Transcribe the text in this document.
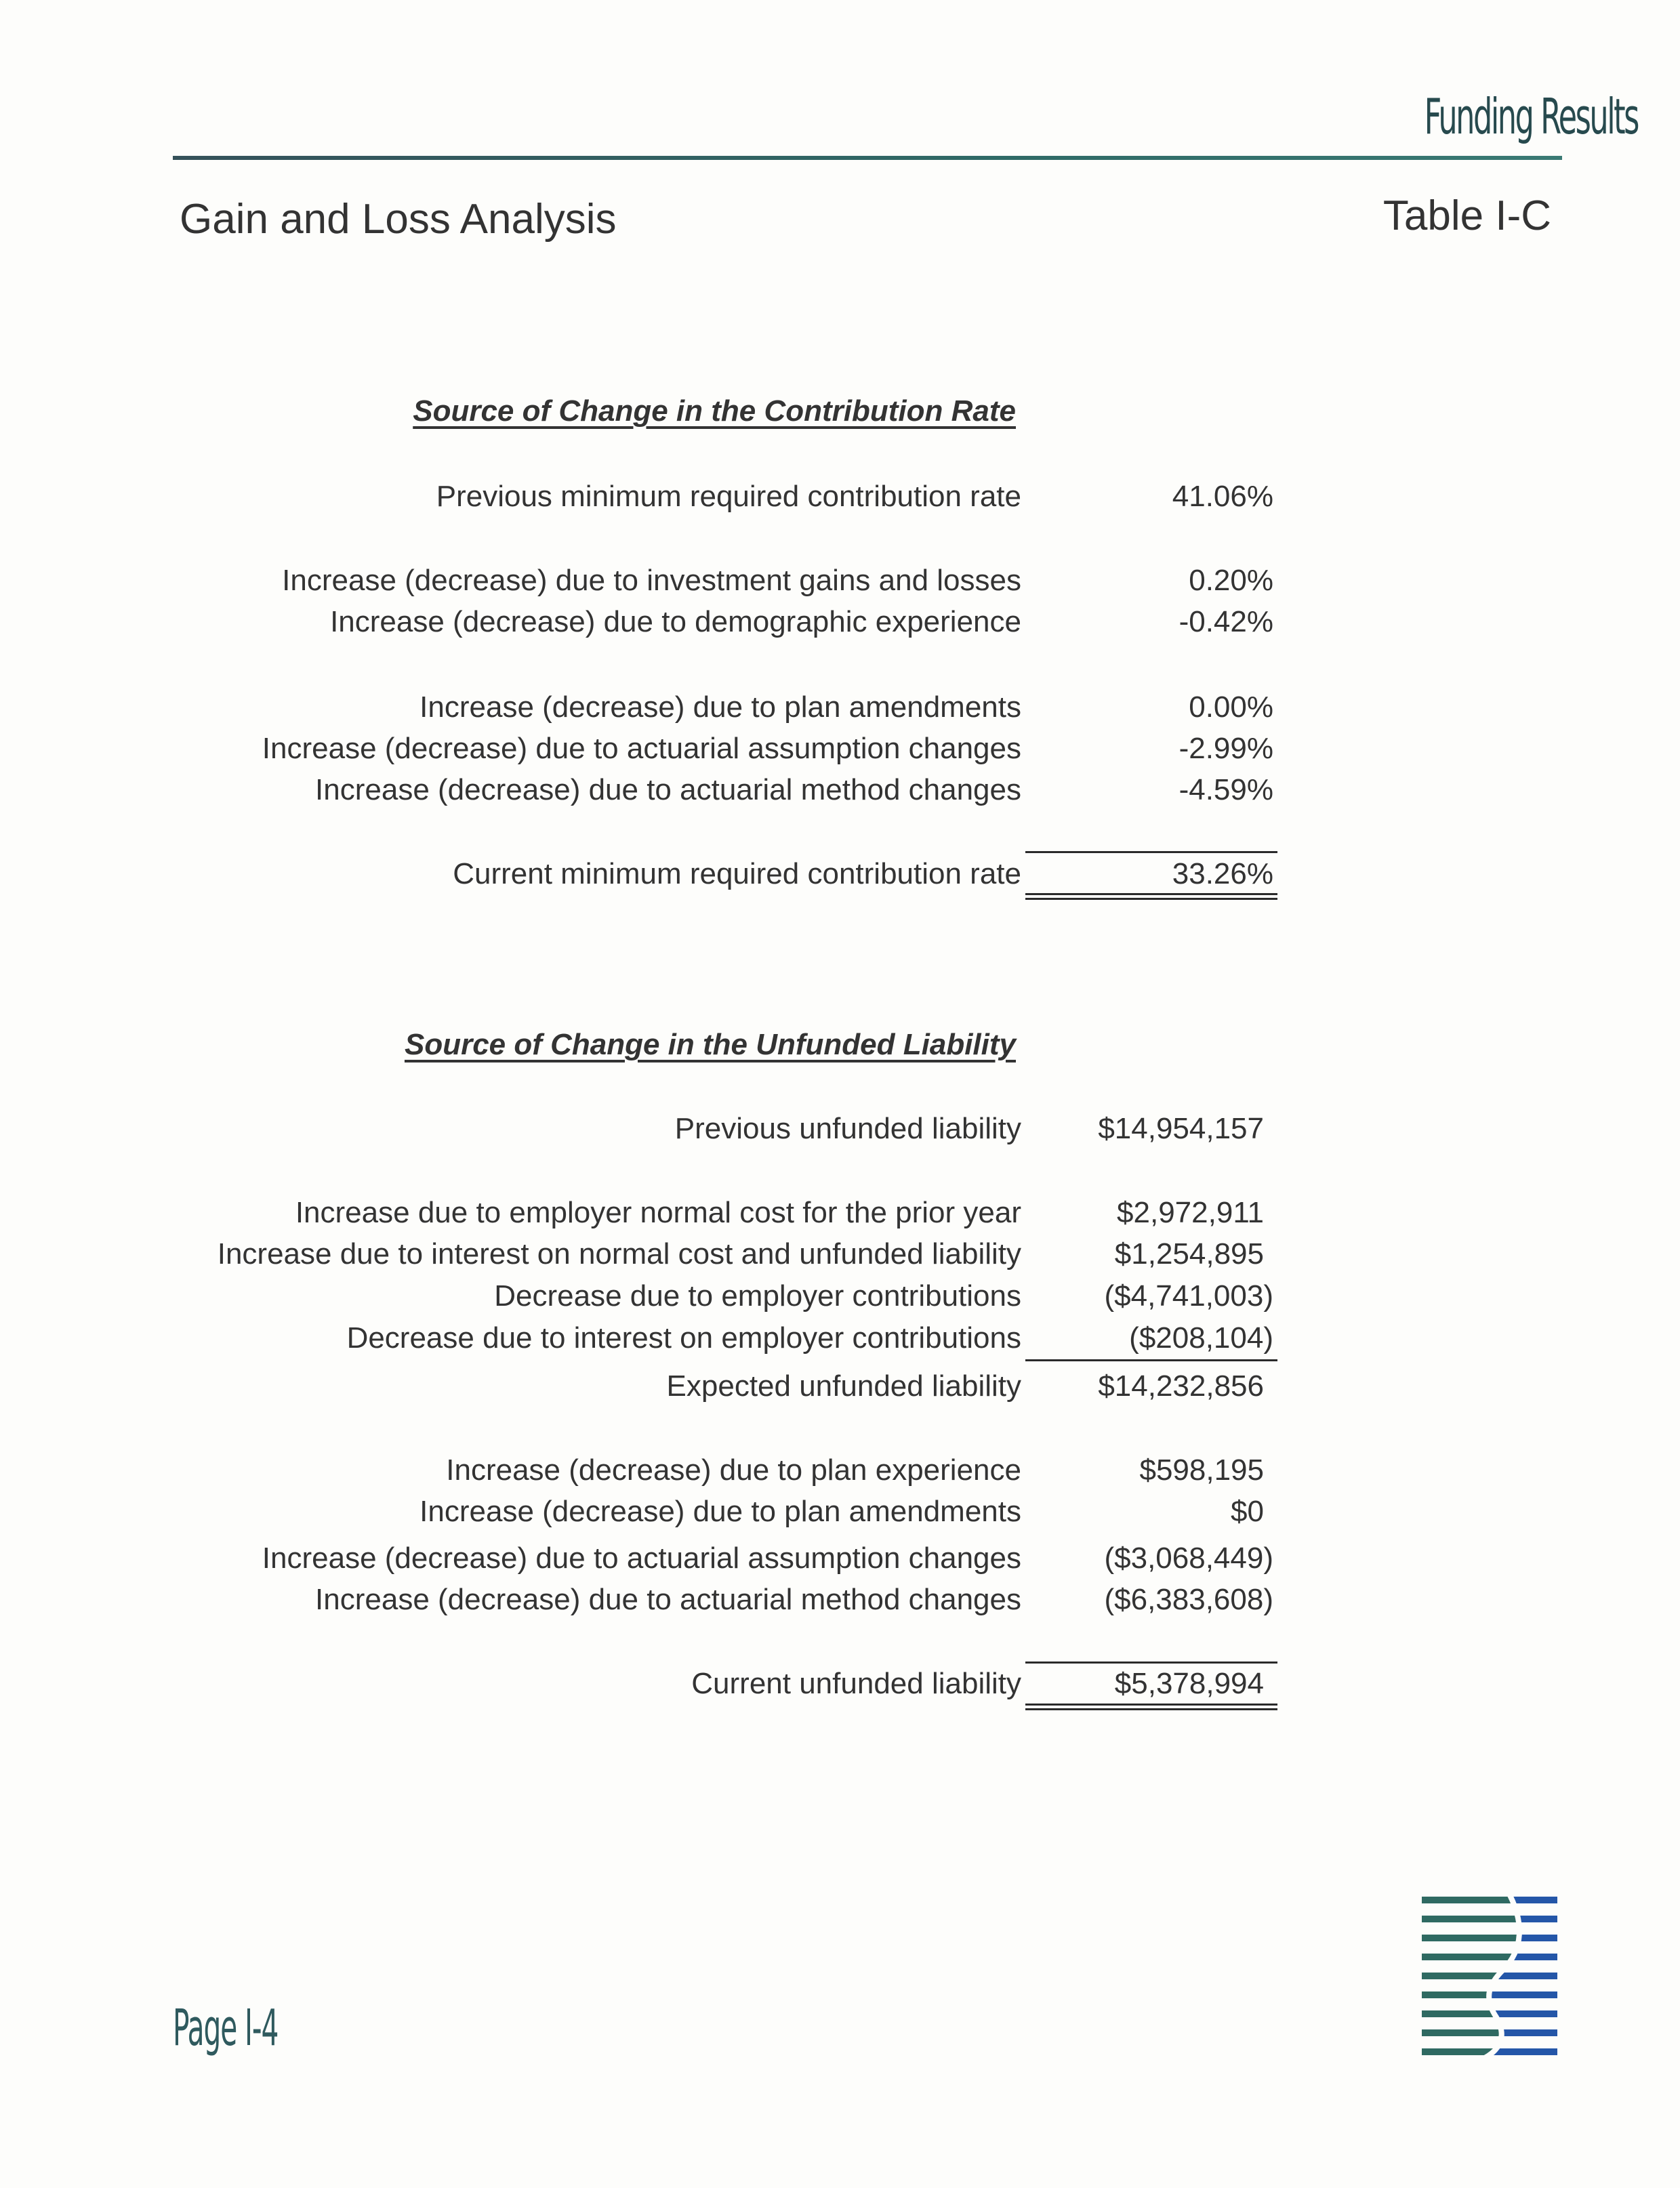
Funding Results
Gain and Loss Analysis	Table I-C
Source of Change in the Contribution Rate
Previous minimum required contribution rate	41.06%
Increase (decrease) due to investment gains and losses	0.20%
Increase (decrease) due to demographic experience	-0.42%
Increase (decrease) due to plan amendments	0.00%
Increase (decrease) due to actuarial assumption changes	-2.99%
Increase (decrease) due to actuarial method changes	-4.59%
Current minimum required contribution rate	33.26%
Source of Change in the Unfunded Liability
Previous unfunded liability	$14,954,157
Increase due to employer normal cost for the prior year	$2,972,911
Increase due to interest on normal cost and unfunded liability	$1,254,895
Decrease due to employer contributions	($4,741,003)
Decrease due to interest on employer contributions	($208,104)
Expected unfunded liability	$14,232,856
Increase (decrease) due to plan experience	$598,195
Increase (decrease) due to plan amendments	$0
Increase (decrease) due to actuarial assumption changes	($3,068,449)
Increase (decrease) due to actuarial method changes	($6,383,608)
Current unfunded liability	$5,378,994
Page I-4
